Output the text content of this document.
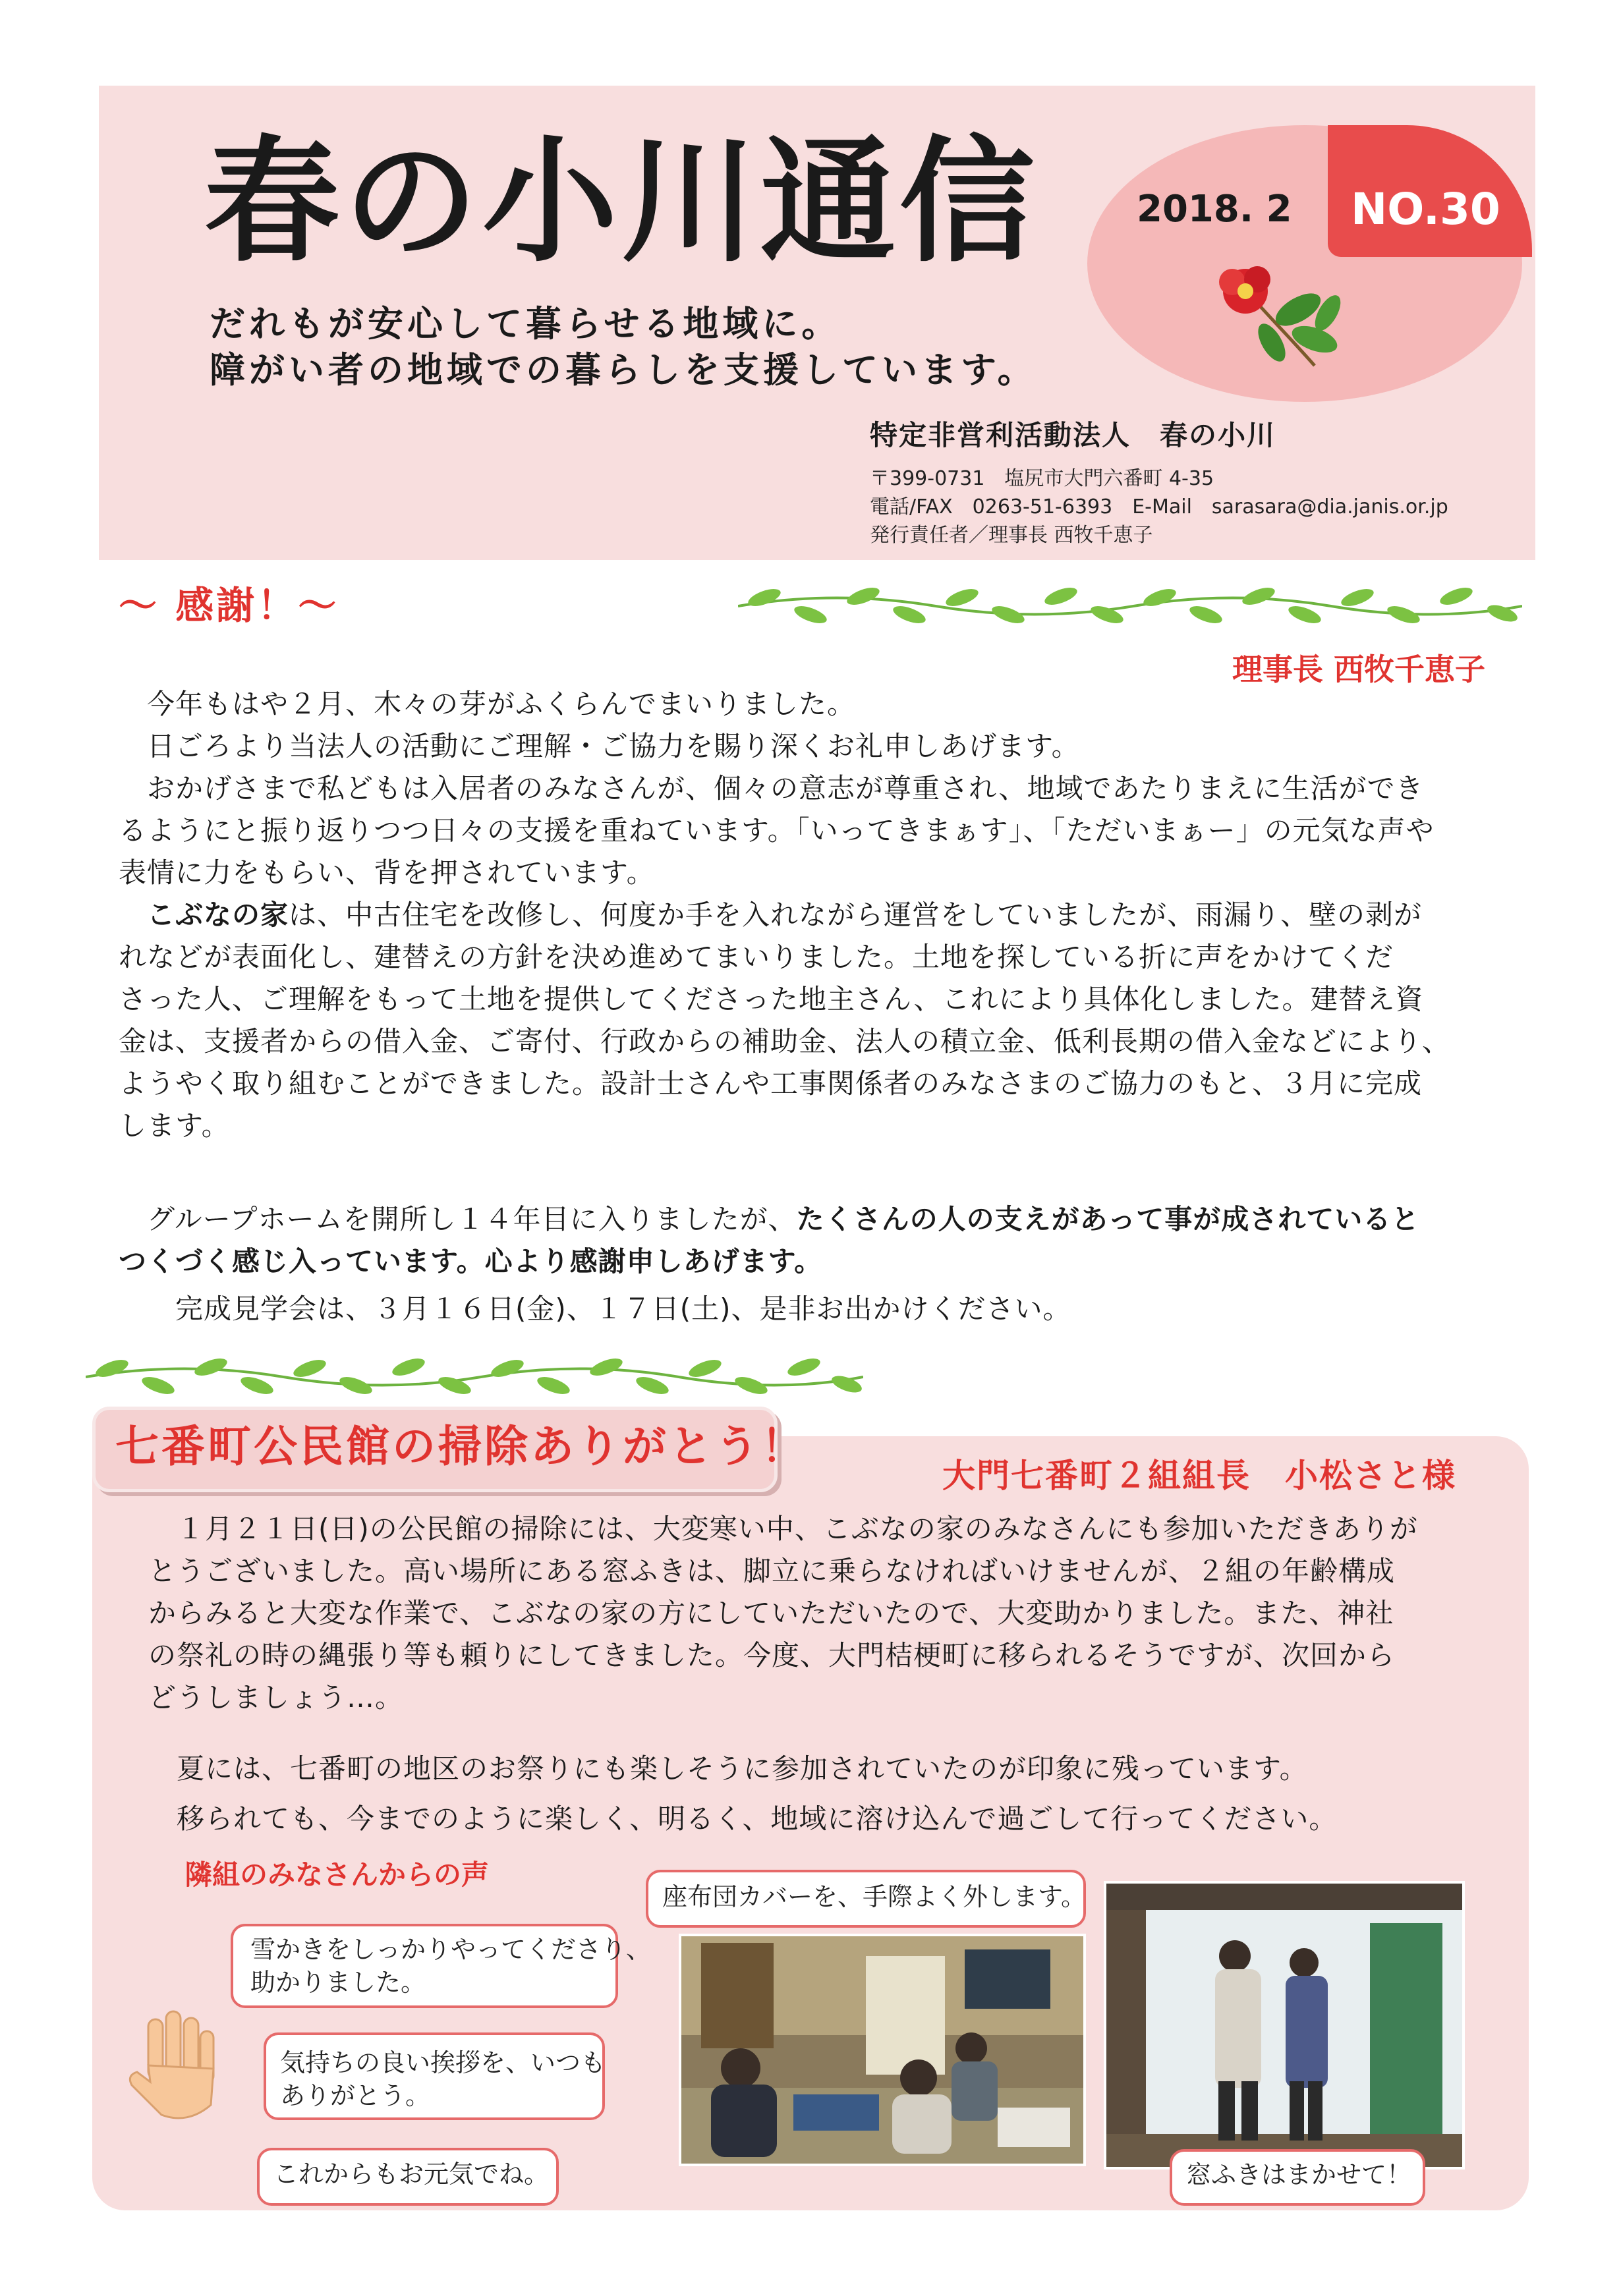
春の小川通信
だれもが安心して暮らせる地域に。
障がい者の地域での暮らしを支援しています。
2018. 2 NO.30
特定非営利活動法人　春の小川
〒399-0731　塩尻市大門六番町 4-35
電話/FAX　0263-51-6393　E-Mail　sarasara@dia.janis.or.jp
発行責任者／理事長 西牧千恵子
〜 感謝！〜
理事長 西牧千恵子
　今年もはや２月、木々の芽がふくらんでまいりました。
　日ごろより当法人の活動にご理解・ご協力を賜り深くお礼申しあげます。
　おかげさまで私どもは入居者のみなさんが、個々の意志が尊重され、地域であたりまえに生活ができ
るようにと振り返りつつ日々の支援を重ねています。「いってきまぁす」、「ただいまぁー」の元気な声や
表情に力をもらい、背を押されています。
　こぶなの家は、中古住宅を改修し、何度か手を入れながら運営をしていましたが、雨漏り、壁の剥が
れなどが表面化し、建替えの方針を決め進めてまいりました。土地を探している折に声をかけてくだ
さった人、ご理解をもって土地を提供してくださった地主さん、これにより具体化しました。建替え資
金は、支援者からの借入金、ご寄付、行政からの補助金、法人の積立金、低利長期の借入金などにより、
ようやく取り組むことができました。設計士さんや工事関係者のみなさまのご協力のもと、３月に完成
します。
　グループホームを開所し１４年目に入りましたが、たくさんの人の支えがあって事が成されていると
つくづく感じ入っています。心より感謝申しあげます。
　　完成見学会は、３月１６日(金)、１７日(土)、是非お出かけください。
七番町公民館の掃除ありがとう！
大門七番町２組組長　小松さと様
　１月２１日(日)の公民館の掃除には、大変寒い中、こぶなの家のみなさんにも参加いただきありが
とうございました。高い場所にある窓ふきは、脚立に乗らなければいけませんが、２組の年齢構成
からみると大変な作業で、こぶなの家の方にしていただいたので、大変助かりました。また、神社
の祭礼の時の縄張り等も頼りにしてきました。今度、大門桔梗町に移られるそうですが、次回から
どうしましょう…。
　夏には、七番町の地区のお祭りにも楽しそうに参加されていたのが印象に残っています。
　移られても、今までのように楽しく、明るく、地域に溶け込んで過ごして行ってください。
隣組のみなさんからの声
雪かきをしっかりやってくださり、
助かりました。
気持ちの良い挨拶を、いつも
ありがとう。
これからもお元気でね。
座布団カバーを、手際よく外します。
窓ふきはまかせて！
